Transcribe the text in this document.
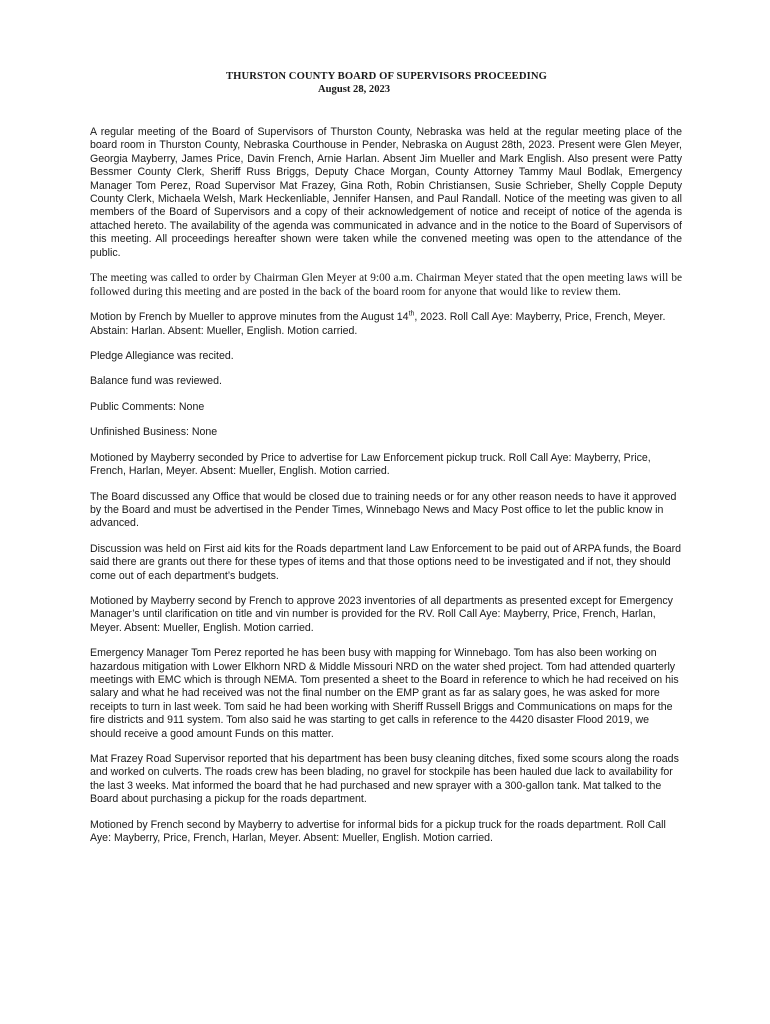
THURSTON COUNTY BOARD OF SUPERVISORS PROCEEDING
August 28, 2023

A regular meeting of the Board of Supervisors of Thurston County, Nebraska was held at the regular meeting place of the board room in Thurston County, Nebraska Courthouse in Pender, Nebraska on August 28th, 2023. Present were Glen Meyer, Georgia Mayberry, James Price, Davin French, Arnie Harlan. Absent Jim Mueller and Mark English. Also present were Patty Bessmer County Clerk, Sheriff Russ Briggs, Deputy Chace Morgan, County Attorney Tammy Maul Bodlak, Emergency Manager Tom Perez, Road Supervisor Mat Frazey, Gina Roth, Robin Christiansen, Susie Schrieber, Shelly Copple Deputy County Clerk, Michaela Welsh, Mark Heckenliable, Jennifer Hansen, and Paul Randall. Notice of the meeting was given to all members of the Board of Supervisors and a copy of their acknowledgement of notice and receipt of notice of the agenda is attached hereto. The availability of the agenda was communicated in advance and in the notice to the Board of Supervisors of this meeting. All proceedings hereafter shown were taken while the convened meeting was open to the attendance of the public.

The meeting was called to order by Chairman Glen Meyer at 9:00 a.m. Chairman Meyer stated that the open meeting laws will be followed during this meeting and are posted in the back of the board room for anyone that would like to review them.

Motion by French by Mueller to approve minutes from the August 14th, 2023. Roll Call Aye: Mayberry, Price, French, Meyer. Abstain: Harlan. Absent: Mueller, English. Motion carried.

Pledge Allegiance was recited.

Balance fund was reviewed.

Public Comments: None

Unfinished Business: None

Motioned by Mayberry seconded by Price to advertise for Law Enforcement pickup truck. Roll Call Aye: Mayberry, Price, French, Harlan, Meyer. Absent: Mueller, English. Motion carried.

The Board discussed any Office that would be closed due to training needs or for any other reason needs to have it approved by the Board and must be advertised in the Pender Times, Winnebago News and Macy Post office to let the public know in advanced.

Discussion was held on First aid kits for the Roads department land Law Enforcement to be paid out of ARPA funds, the Board said there are grants out there for these types of items and that those options need to be investigated and if not, they should come out of each department’s budgets.

Motioned by Mayberry second by French to approve 2023 inventories of all departments as presented except for Emergency Manager’s until clarification on title and vin number is provided for the RV. Roll Call Aye: Mayberry, Price, French, Harlan, Meyer. Absent: Mueller, English. Motion carried.

Emergency Manager Tom Perez reported he has been busy with mapping for Winnebago. Tom has also been working on hazardous mitigation with Lower Elkhorn NRD & Middle Missouri NRD on the water shed project. Tom had attended quarterly meetings with EMC which is through NEMA. Tom presented a sheet to the Board in reference to which he had received on his salary and what he had received was not the final number on the EMP grant as far as salary goes, he was asked for more receipts to turn in last week. Tom said he had been working with Sheriff Russell Briggs and Communications on maps for the fire districts and 911 system. Tom also said he was starting to get calls in reference to the 4420 disaster Flood 2019, we should receive a good amount Funds on this matter.

Mat Frazey Road Supervisor reported that his department has been busy cleaning ditches, fixed some scours along the roads and worked on culverts. The roads crew has been blading, no gravel for stockpile has been hauled due lack to availability for the last 3 weeks. Mat informed the board that he had purchased and new sprayer with a 300-gallon tank. Mat talked to the Board about purchasing a pickup for the roads department.

Motioned by French second by Mayberry to advertise for informal bids for a pickup truck for the roads department. Roll Call Aye: Mayberry, Price, French, Harlan, Meyer. Absent: Mueller, English. Motion carried.
